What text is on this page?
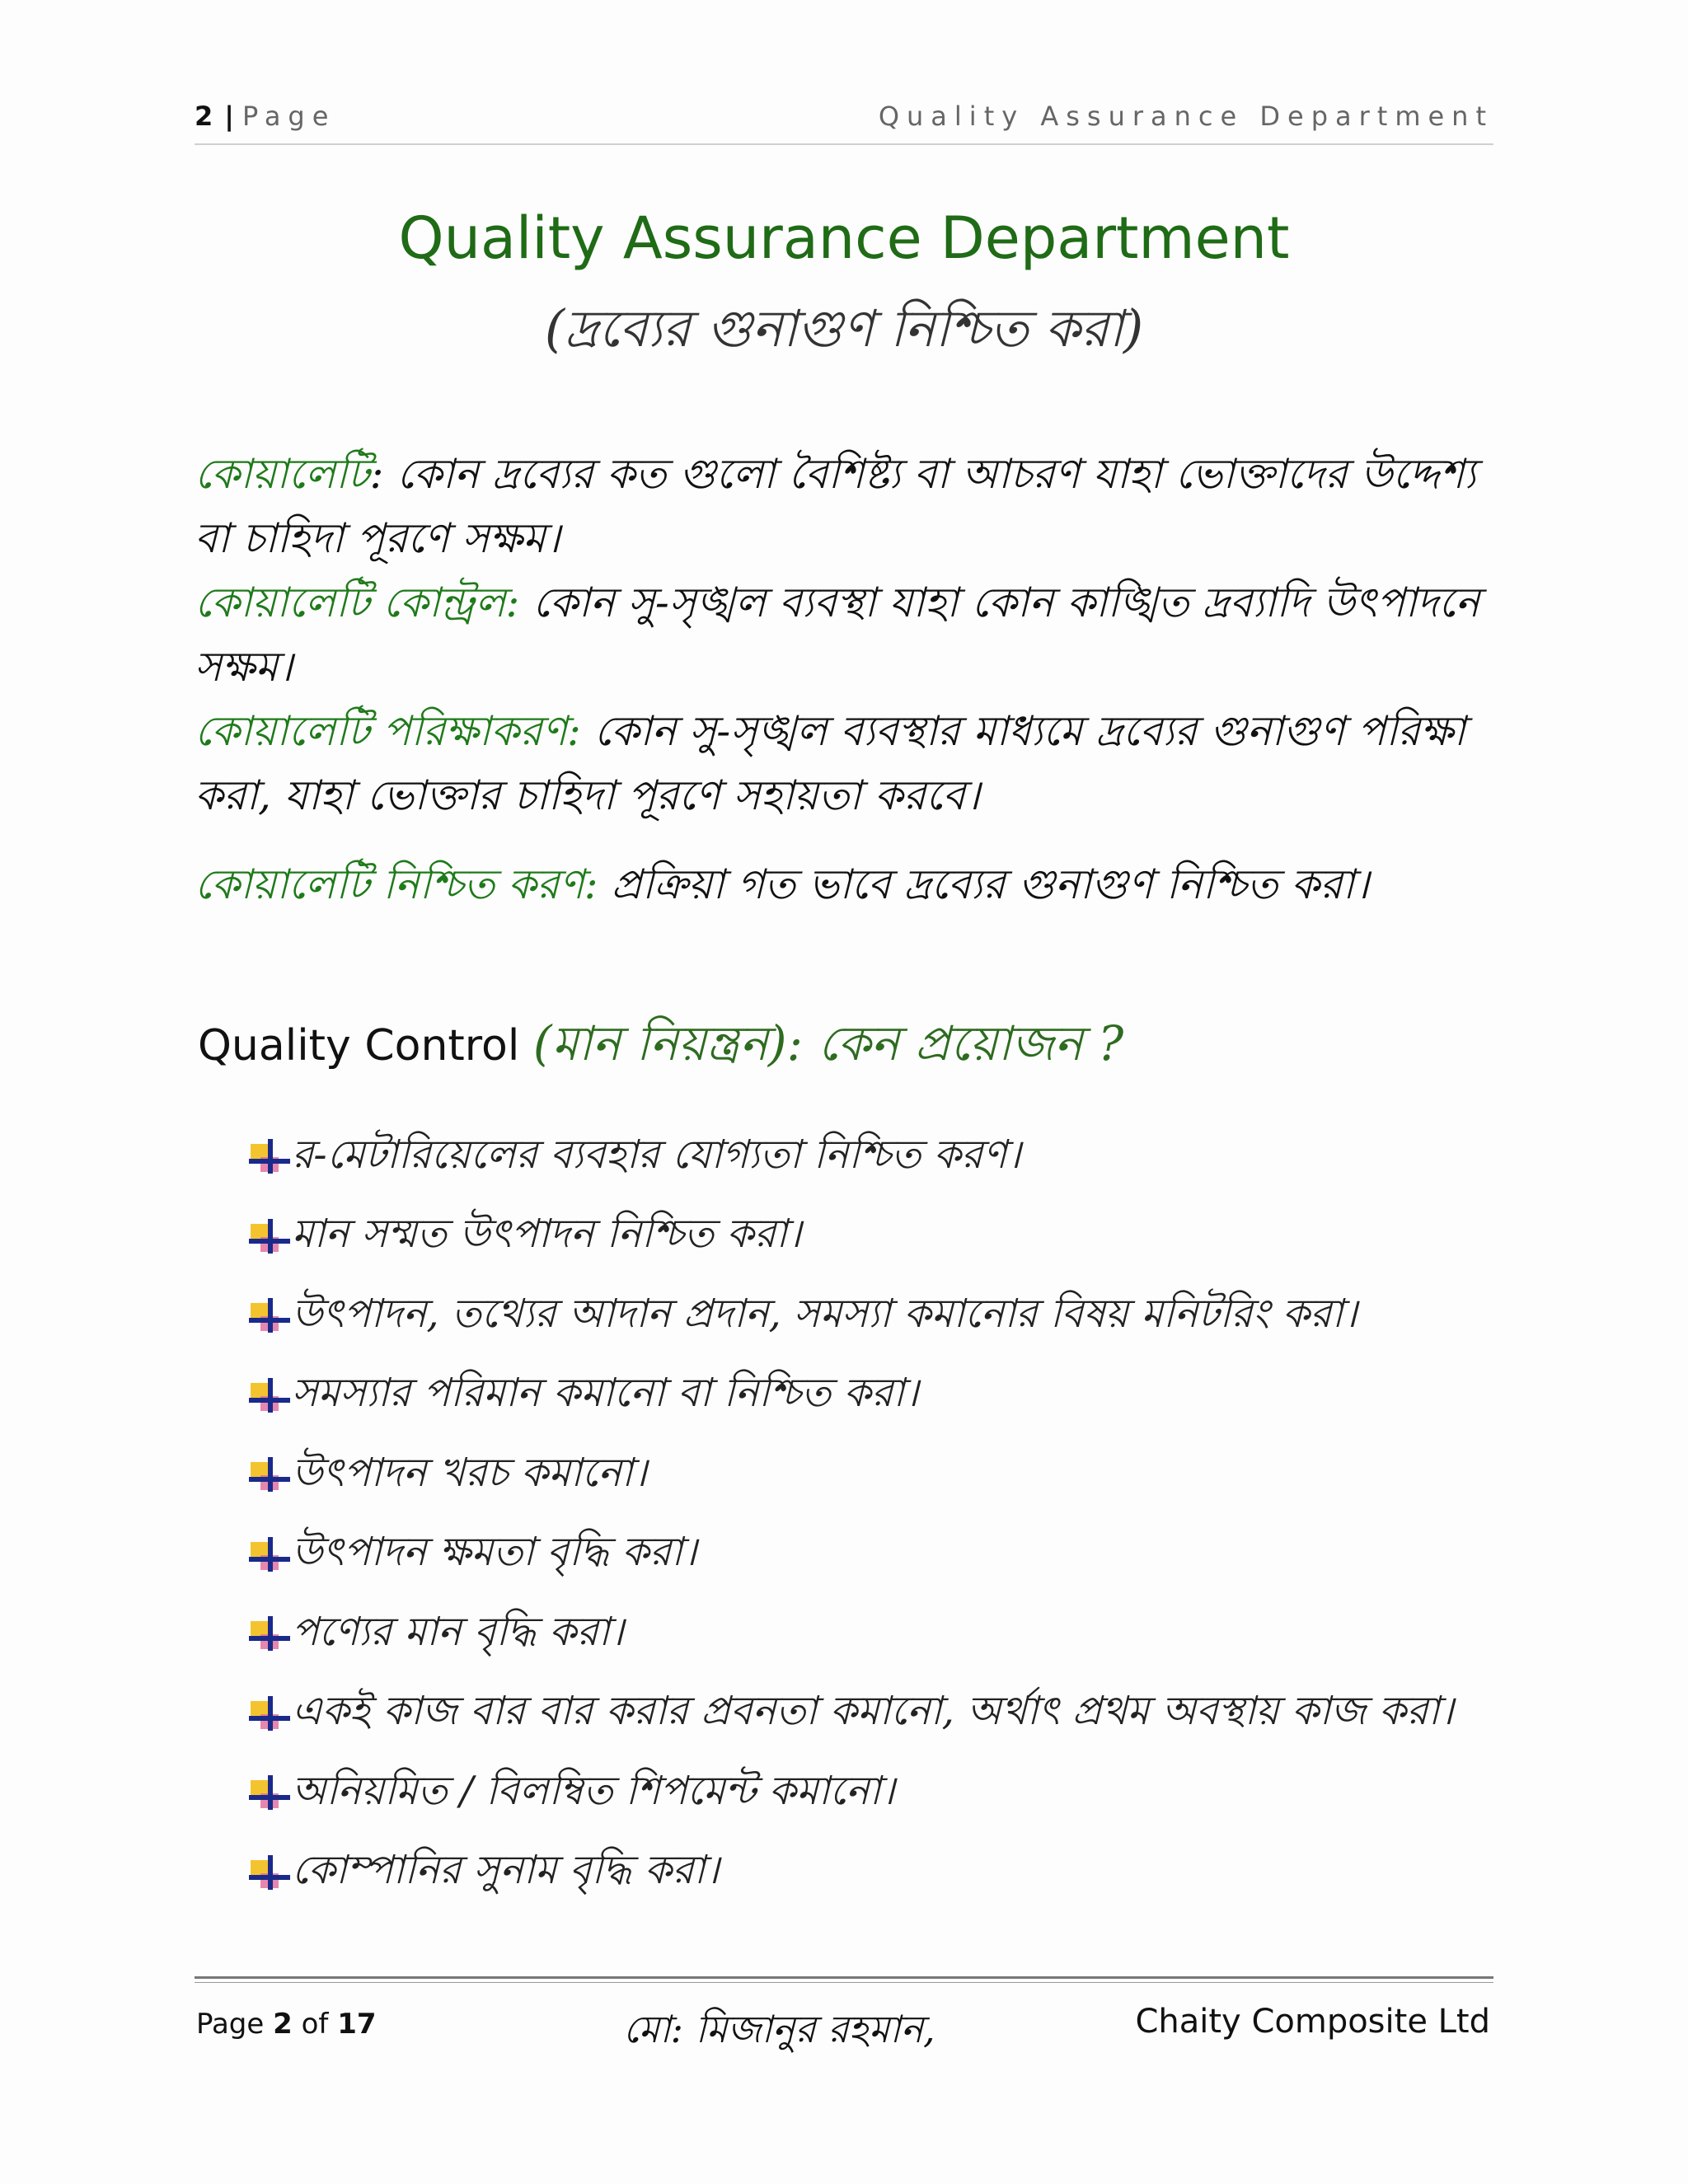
2 | Page	Quality Assurance Department
Quality Assurance Department
(দ্রব্যের গুনাগুণ নিশ্চিত করা)

কোয়ালেটি: কোন দ্রব্যের কত গুলো বৈশিষ্ট্য বা আচরণ যাহা ভোক্তাদের উদ্দেশ্য বা চাহিদা পূরণে সক্ষম।

কোয়ালেটি কোন্ট্রল: কোন সু-সৃঙ্খল ব্যবস্থা যাহা কোন কাঙ্খিত দ্রব্যাদি উৎপাদনে সক্ষম।

কোয়ালেটি পরিক্ষাকরণ: কোন সু-সৃঙ্খল ব্যবস্থার মাধ্যমে দ্রব্যের গুনাগুণ পরিক্ষা করা, যাহা ভোক্তার চাহিদা পূরণে সহায়তা করবে।

কোয়ালেটি নিশ্চিত করণ: প্রক্রিয়া গত ভাবে দ্রব্যের গুনাগুণ নিশ্চিত করা।

Quality Control (মান নিয়ন্ত্রন): কেন প্রয়োজন ?
র-মেটারিয়েলের ব্যবহার যোগ্যতা নিশ্চিত করণ।
মান সম্মত উৎপাদন নিশ্চিত করা।
উৎপাদন, তথ্যের আদান প্রদান, সমস্যা কমানোর বিষয় মনিটরিং করা।
সমস্যার পরিমান কমানো বা নিশ্চিত করা।
উৎপাদন খরচ কমানো।
উৎপাদন ক্ষমতা বৃদ্ধি করা।
পণ্যের মান বৃদ্ধি করা।
একই কাজ বার বার করার প্রবনতা কমানো, অর্থাৎ প্রথম অবস্থায় কাজ করা।
অনিয়মিত / বিলম্বিত শিপমেন্ট কমানো।
কোম্পানির সুনাম বৃদ্ধি করা।
Page 2 of 17	মো: মিজানুর রহমান,	Chaity Composite Ltd
